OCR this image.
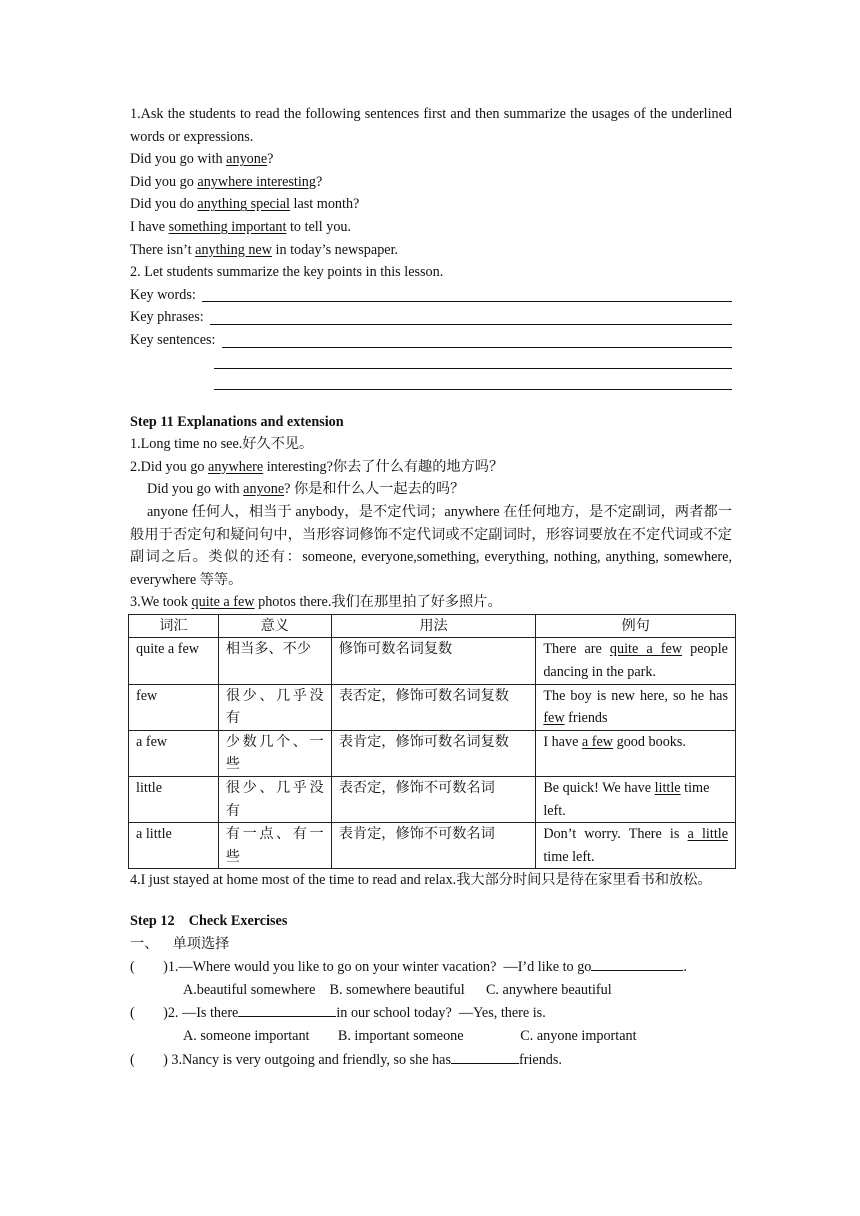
1.Ask the students to read the following sentences first and then summarize the usages of the underlined words or expressions.

Did you go with anyone?

Did you go anywhere interesting?

Did you do anything special last month?

I have something important to tell you.

There isn’t anything new in today’s newspaper.

2. Let students summarize the key points in this lesson.

Key words:
Key phrases:
Key sentences:

Step 11 Explanations and extension

1.Long time no see.好久不见。

2.Did you go anywhere interesting?你去了什么有趣的地方吗？

Did you go with anyone? 你是和什么人一起去的吗？

anyone 任何人，相当于 anybody，是不定代词；anywhere 在任何地方，是不定副词，两者都一般用于否定句和疑问句中，当形容词修饰不定代词或不定副词时，形容词要放在不定代词或不定副词之后。类似的还有：someone, everyone,something, everything, nothing, anything, somewhere, everywhere 等等。

3.We took quite a few photos there.我们在那里拍了好多照片。

词汇	意义	用法	例句
quite a few	相当多、不少	修饰可数名词复数	There are quite a few people dancing in the park.
few	很少、几乎没有	表否定，修饰可数名词复数	The boy is new here, so he has few friends
a few	少数几个、一些	表肯定，修饰可数名词复数	I have a few good books.
little	很少、几乎没有	表否定，修饰不可数名词	Be quick! We have little time left.
a little	有一点、有一些	表肯定，修饰不可数名词	Don’t worry. There is a little time left.

4.I just stayed at home most of the time to read and relax.我大部分时间只是待在家里看书和放松。

Step 12    Check Exercises

一、    单项选择

(        )1.—Where would you like to go on your winter vacation?  —I’d like to go	.

A.beautiful somewhere    B. somewhere beautiful      C. anywhere beautiful

(        )2. —Is there	in our school today?  —Yes, there is.

A. someone important        B. important someone                C. anyone important

(        ) 3.Nancy is very outgoing and friendly, so she has	friends.
